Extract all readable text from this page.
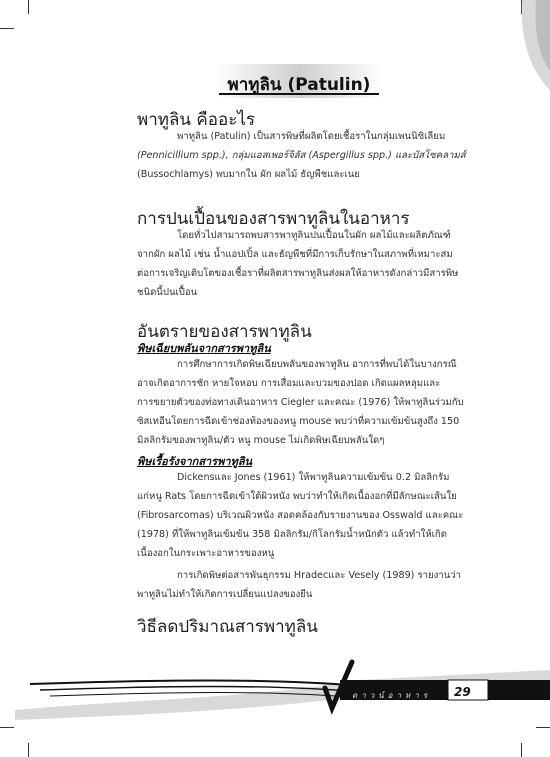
พาทูลิน (Patulin)
พาทูลิน คืออะไร
พาทูลิน (Patulin) เป็นสารพิษที่ผลิตโดยเชื้อราในกลุ่มเพนนิซิเลียม
(Pennicillium spp.), กลุ่มแอสเพอร์จิลัส (Aspergillus spp.) และบัสโซคลามส์
(Bussochlamys) พบมากใน ผัก ผลไม้ ธัญพืชและเนย
การปนเปื้อนของสารพาทูลินในอาหาร
โดยทั่วไปสามารถพบสารพาทูลินปนเปื้อนในผัก ผลไม้และผลิตภัณฑ์
จากผัก ผลไม้ เช่น น้ำแอปเปิ้ล และธัญพืชที่มีการเก็บรักษาในสภาพที่เหมาะสม
ต่อการเจริญเติบโตของเชื้อราที่ผลิตสารพาทูลินส่งผลให้อาหารดังกล่าวมีสารพิษ
ชนิดนี้ปนเปื้อน
อันตรายของสารพาทูลิน
พิษเฉียบพลันจากสารพาทูลิน
การศึกษาการเกิดพิษเฉียบพลันของพาทูลิน อาการที่พบได้ในบางกรณี
อาจเกิดอาการชัก หายใจหอบ การเสื่อมและบวมของปอด เกิดแผลหลุมและ
การขยายตัวของท่อทางเดินอาหาร Ciegler และคณะ (1976) ให้พาทูลินร่วมกับ
ซิสเทอีนโดยการฉีดเข้าช่องท้องของหนู mouse พบว่าที่ความเข้มข้นสูงถึง 150
มิลลิกรัมของพาทูลิน/ตัว หนู mouse ไม่เกิดพิษเฉียบพลันใดๆ
พิษเรื้อรังจากสารพาทูลิน
Dickensและ Jones (1961) ให้พาทูลินความเข้มข้น 0.2 มิลลิกรัม
แก่หนู Rats โดยการฉีดเข้าใต้ผิวหนัง พบว่าทำให้เกิดเนื้องอกที่มีลักษณะเส้นใย
(Fibrosarcomas) บริเวณผิวหนัง สอดคล้องกับรายงานของ Osswald และคณะ
(1978) ที่ให้พาทูลินเข้มข้น 358 มิลลิกรัม/กิโลกรัมน้ำหนักตัว แล้วทำให้เกิด
เนื้องอกในกระเพาะอาหารของหนู
การเกิดพิษต่อสารพันธุกรรม Hradecและ Vesely (1989) รายงานว่า
พาทูลินไม่ทำให้เกิดการเปลี่ยนแปลงของยีน
วิธีลดปริมาณสารพาทูลิน
ดาวน์อาหาร 29
